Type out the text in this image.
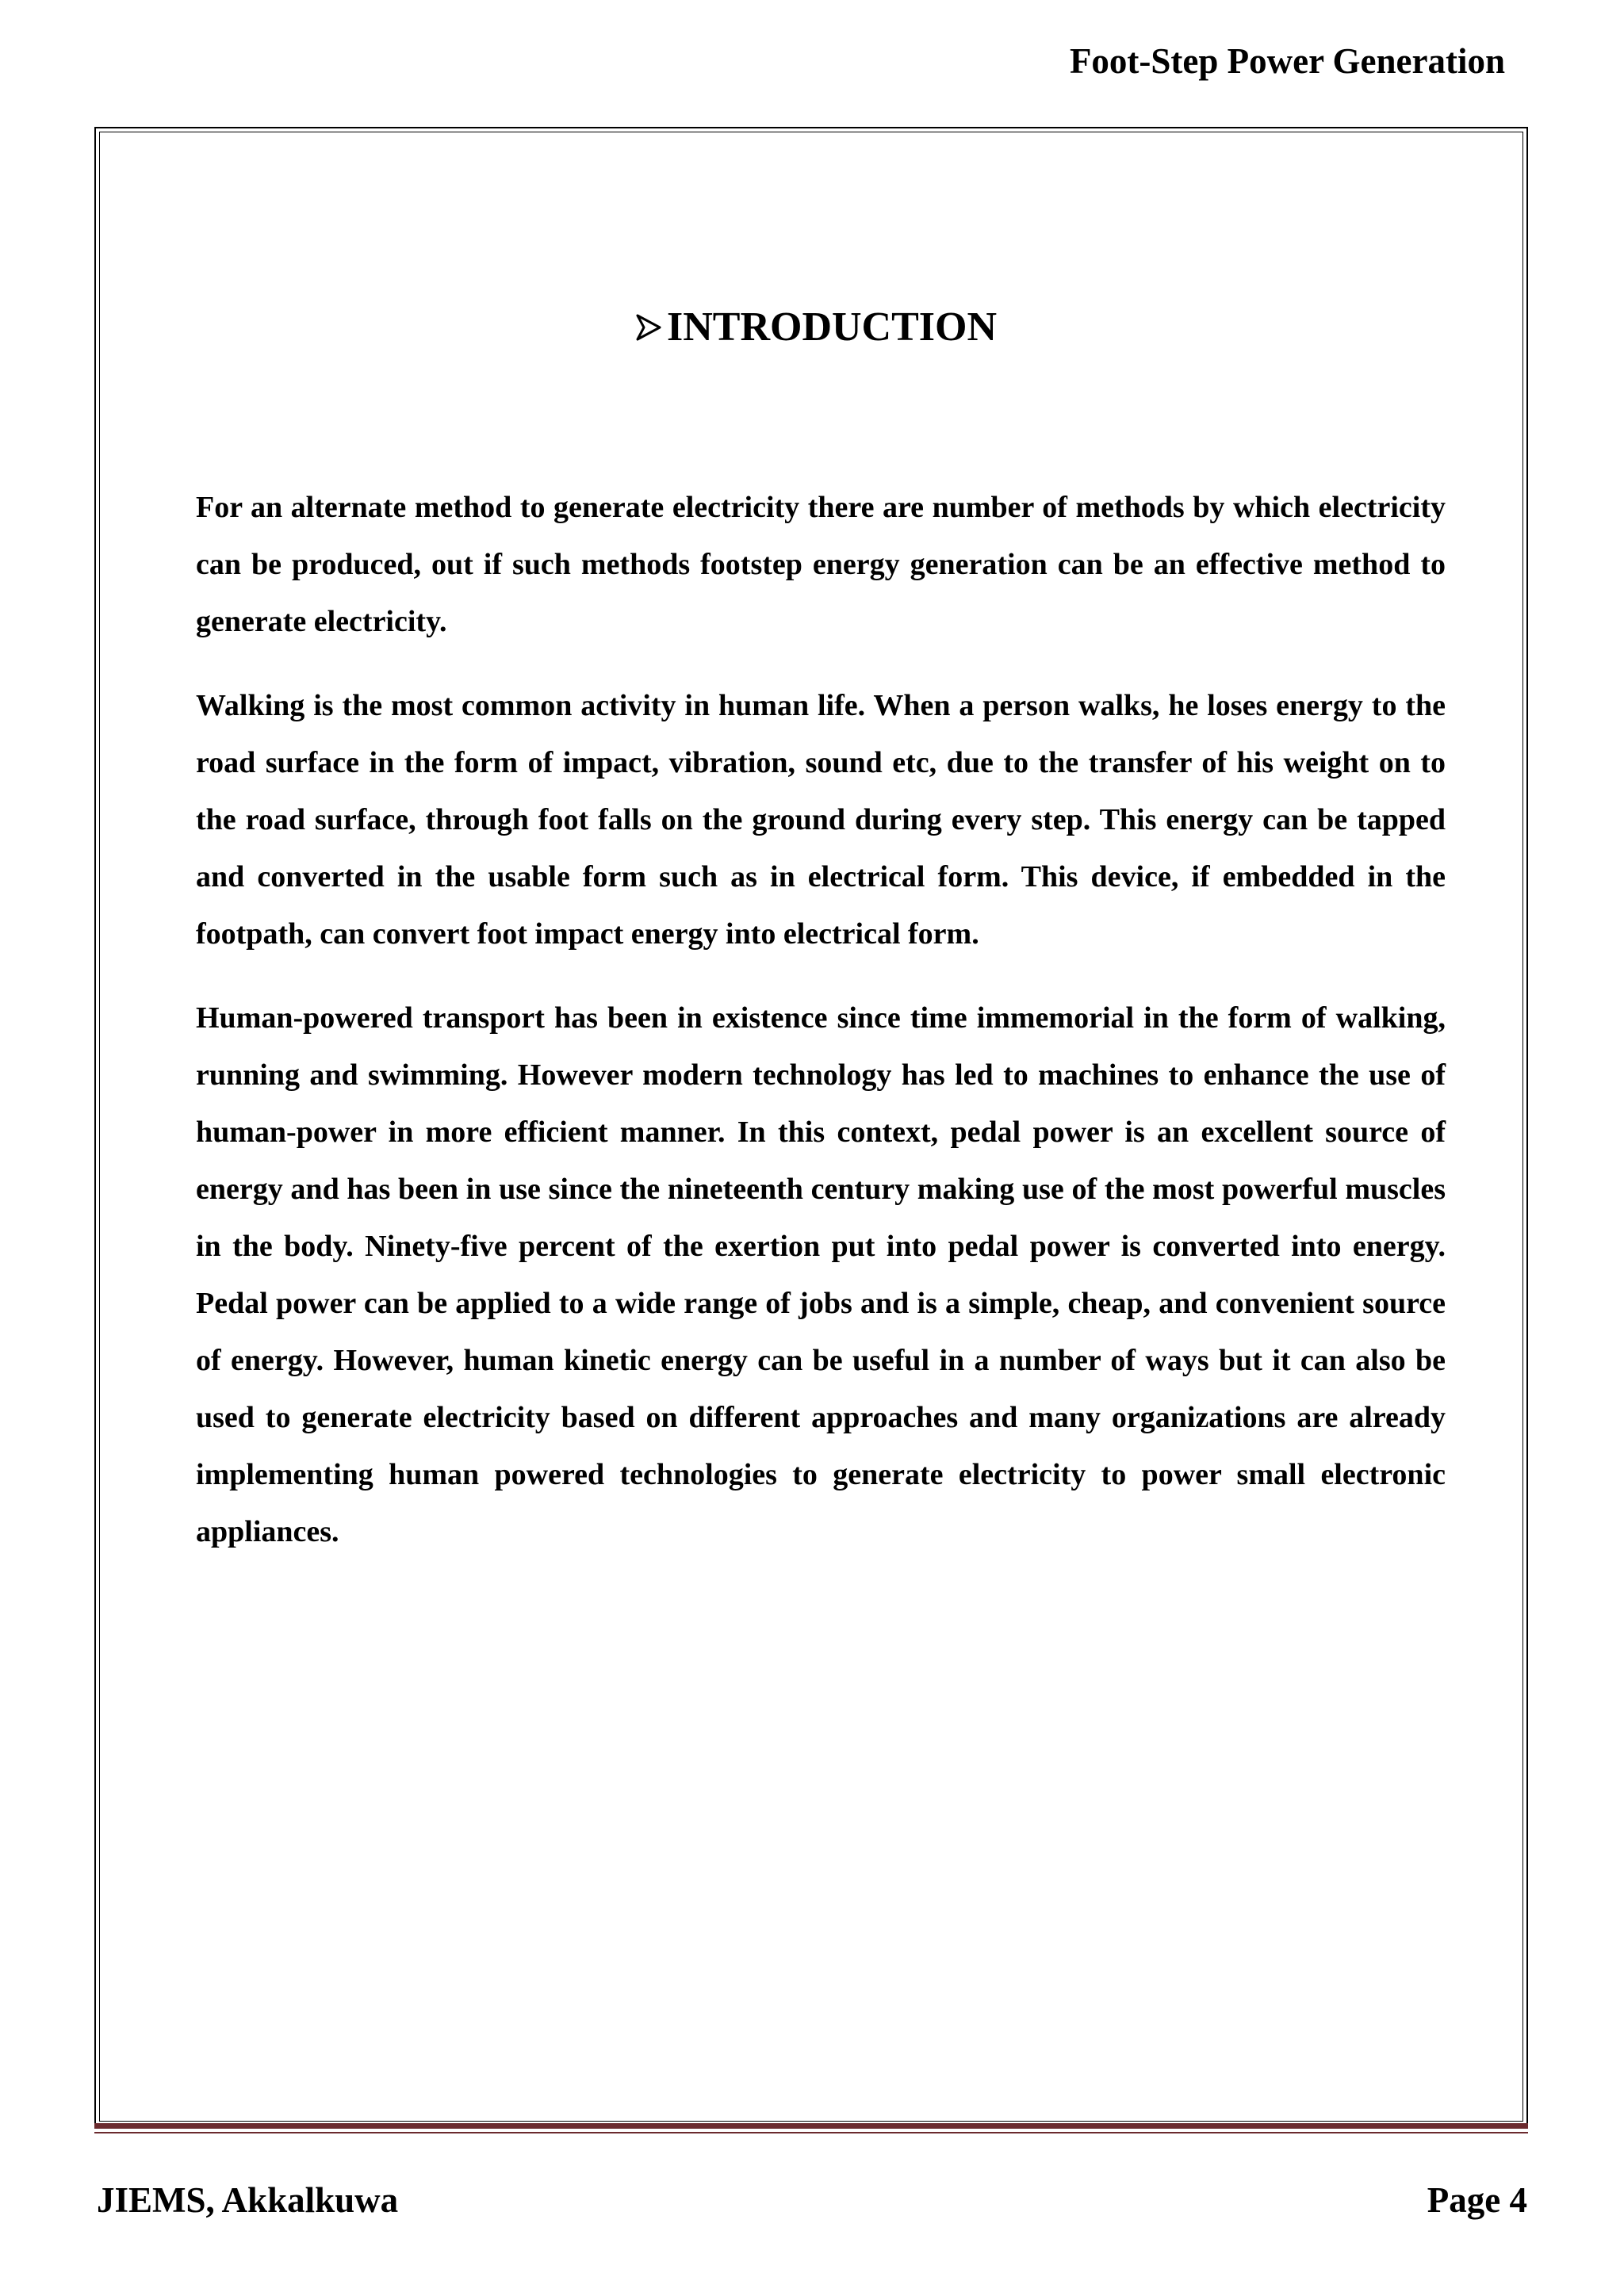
Foot-Step Power Generation
INTRODUCTION

For an alternate method to generate electricity there are number of methods by which electricity can be produced, out if such methods footstep energy generation can be an effective method to generate electricity.

Walking is the most common activity in human life. When a person walks, he loses energy to the road surface in the form of impact, vibration, sound etc, due to the transfer of his weight on to the road surface, through foot falls on the ground during every step. This energy can be tapped and converted in the usable form such as in electrical form. This device, if embedded in the footpath, can convert foot impact energy into electrical form.

Human-powered transport has been in existence since time immemorial in the form of walking, running and swimming. However modern technology has led to machines to enhance the use of human-power in more efficient manner. In this context, pedal power is an excellent source of energy and has been in use since the nineteenth century making use of the most powerful muscles in the body. Ninety-five percent of the exertion put into pedal power is converted into energy. Pedal power can be applied to a wide range of jobs and is a simple, cheap, and convenient source of energy. However, human kinetic energy can be useful in a number of ways but it can also be used to generate electricity based on different approaches and many organizations are already implementing human powered technologies to generate electricity to power small electronic appliances.

JIEMS, Akkalkuwa	Page 4
